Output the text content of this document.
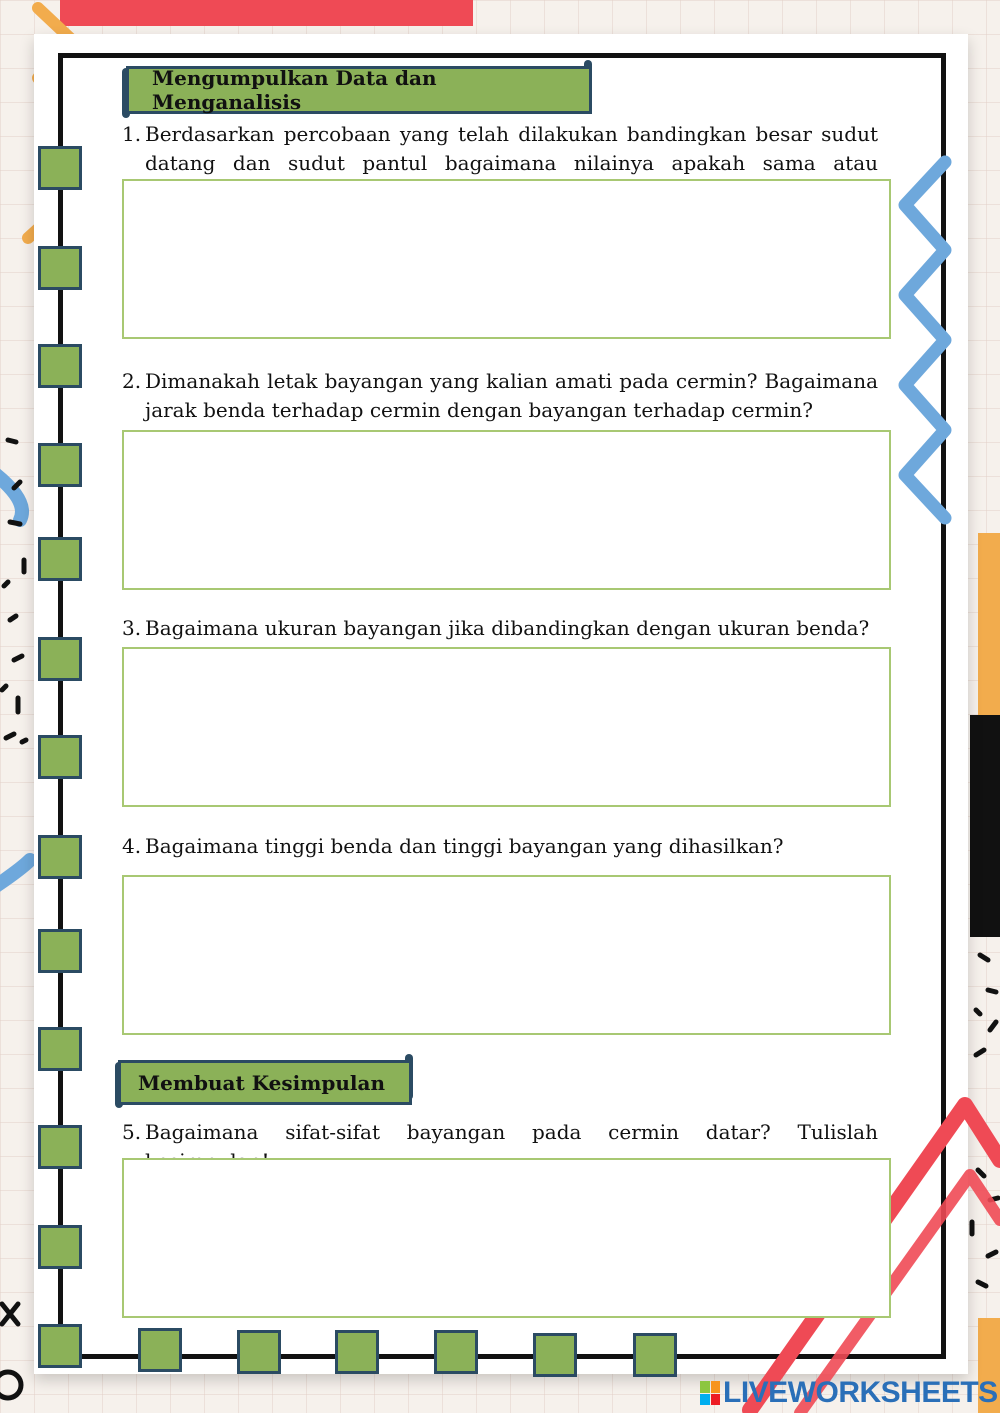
Mengumpulkan Data dan Menganalisis
1. Berdasarkan percobaan yang telah dilakukan bandingkan besar sudut datang dan sudut pantul bagaimana nilainya apakah sama atau
2. Dimanakah letak bayangan yang kalian amati pada cermin? Bagaimana jarak benda terhadap cermin dengan bayangan terhadap cermin?
3. Bagaimana ukuran bayangan jika dibandingkan dengan ukuran benda?
4. Bagaimana tinggi benda dan tinggi bayangan yang dihasilkan?
Membuat Kesimpulan
5. Bagaimana sifat-sifat bayangan pada cermin datar? Tulislah
LIVEWORKSHEETS
